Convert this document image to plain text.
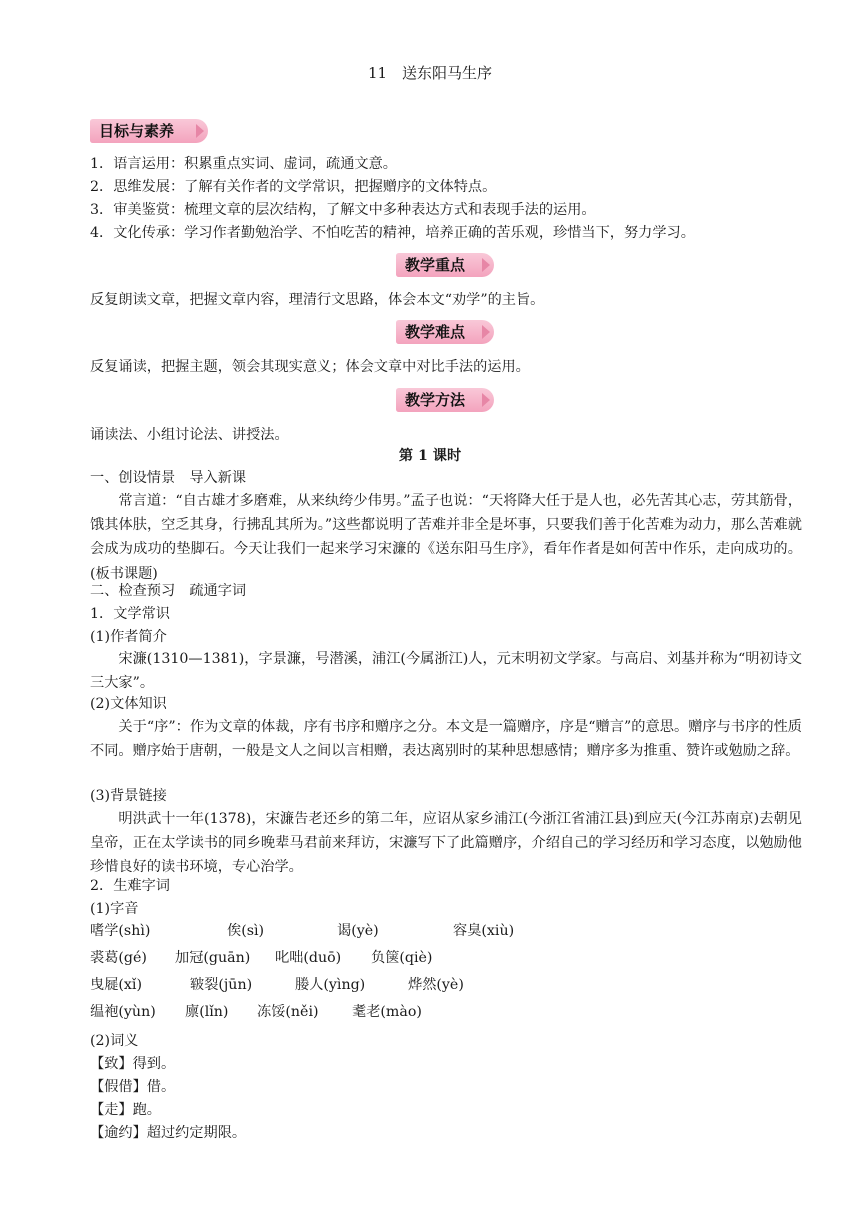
11　送东阳马生序
目标与素养
1．语言运用：积累重点实词、虚词，疏通文意。
2．思维发展：了解有关作者的文学常识，把握赠序的文体特点。
3．审美鉴赏：梳理文章的层次结构，了解文中多种表达方式和表现手法的运用。
4．文化传承：学习作者勤勉治学、不怕吃苦的精神，培养正确的苦乐观，珍惜当下，努力学习。
教学重点
反复朗读文章，把握文章内容，理清行文思路，体会本文“劝学”的主旨。
教学难点
反复诵读，把握主题，领会其现实意义；体会文章中对比手法的运用。
教学方法
诵读法、小组讨论法、讲授法。
第 1 课时
一、创设情景　导入新课
常言道：“自古雄才多磨难，从来纨绔少伟男。”孟子也说：“天将降大任于是人也，必先苦其心志，劳其筋骨，饿其体肤，空乏其身，行拂乱其所为。”这些都说明了苦难并非全是坏事，只要我们善于化苦难为动力，那么苦难就会成为成功的垫脚石。今天让我们一起来学习宋濂的《送东阳马生序》，看年作者是如何苦中作乐，走向成功的。(板书课题)
二、检查预习　疏通字词
1．文学常识
(1)作者简介
宋濂(1310—1381)，字景濂，号潜溪，浦江(今属浙江)人，元末明初文学家。与高启、刘基并称为“明初诗文三大家”。
(2)文体知识
关于“序”：作为文章的体裁，序有书序和赠序之分。本文是一篇赠序，序是“赠言”的意思。赠序与书序的性质不同。赠序始于唐朝，一般是文人之间以言相赠，表达离别时的某种思想感情；赠序多为推重、赞许或勉励之辞。
(3)背景链接
明洪武十一年(1378)，宋濂告老还乡的第二年，应诏从家乡浦江(今浙江省浦江县)到应天(今江苏南京)去朝见皇帝，正在太学读书的同乡晚辈马君前来拜访，宋濂写下了此篇赠序，介绍自己的学习经历和学习态度，以勉励他珍惜良好的读书环境，专心治学。
2．生难字词
(1)字音
嗜学(shì)	俟(sì)	谒(yè)	容臭(xiù)
裘葛(gé) 加冠(guān) 叱咄(duō) 负箧(qiè)
曳屣(xǐ)	皲裂(jūn)	媵人(yìng)	烨然(yè)
缊袍(yùn) 廪(lǐn) 冻馁(něi) 耄老(mào)
(2)词义
【致】得到。
【假借】借。
【走】跑。
【逾约】超过约定期限。
